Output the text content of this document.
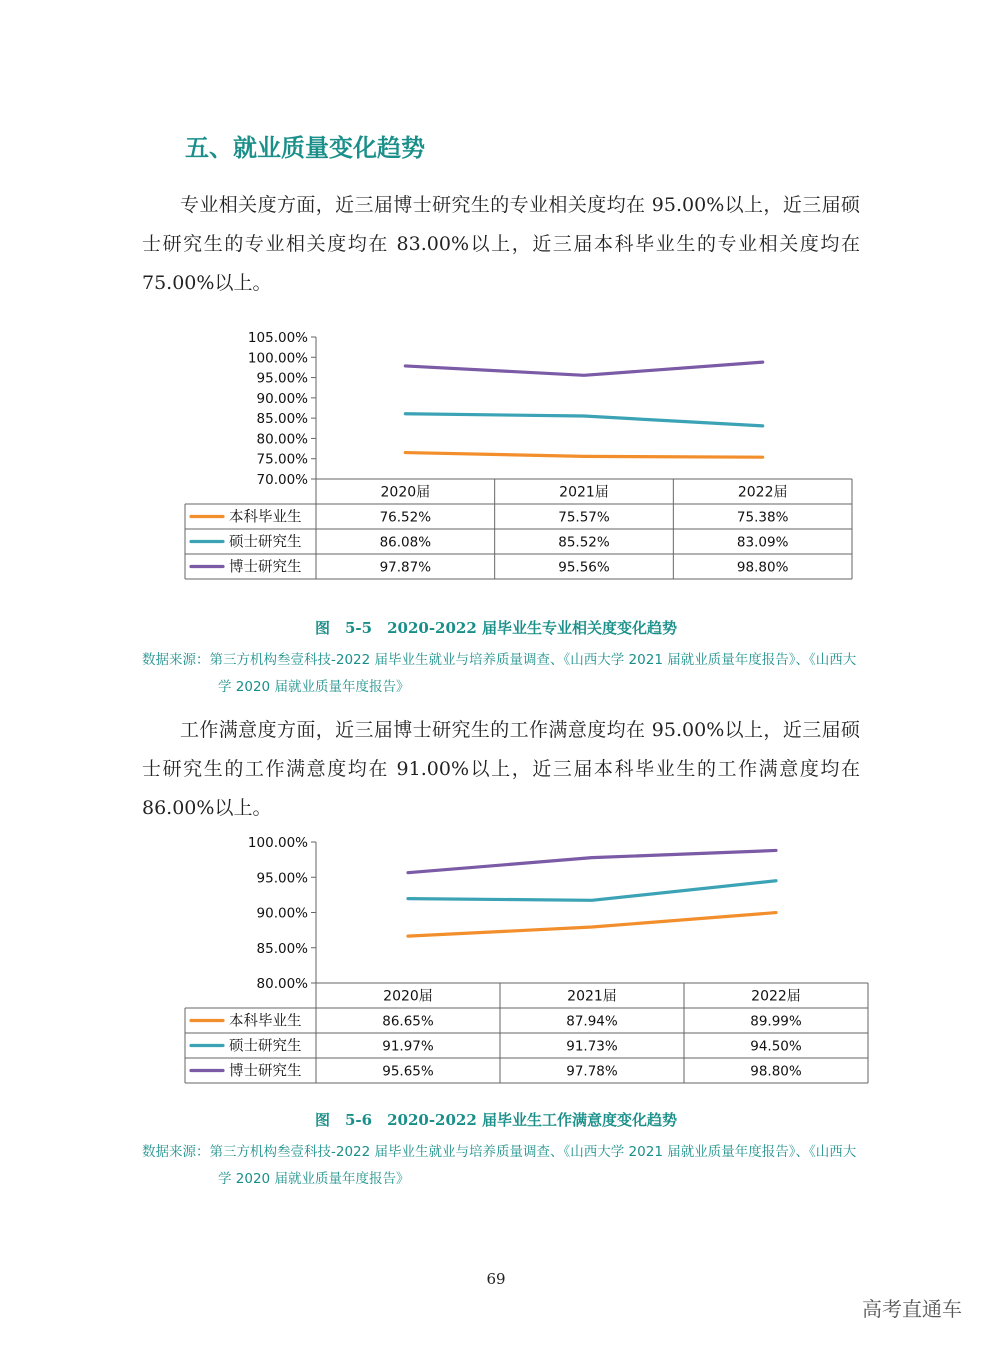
五、就业质量变化趋势

专业相关度方面，近三届博士研究生的专业相关度均在 95.00%以上，近三届硕士研究生的专业相关度均在 83.00%以上，近三届本科毕业生的专业相关度均在 75.00%以上。

70.00%
75.00%
80.00%
85.00%
90.00%
95.00%
100.00%
105.00%
2020届	2021届	2022届
本科毕业生	76.52%	75.57%	75.38%
硕士研究生	86.08%	85.52%	83.09%
博士研究生	97.87%	95.56%	98.80%

图　5-5　2020-2022 届毕业生专业相关度变化趋势

数据来源：第三方机构叁壹科技-2022 届毕业生就业与培养质量调查、《山西大学 2021 届就业质量年度报告》、《山西大学 2020 届就业质量年度报告》

工作满意度方面，近三届博士研究生的工作满意度均在 95.00%以上，近三届硕士研究生的工作满意度均在 91.00%以上，近三届本科毕业生的工作满意度均在 86.00%以上。

80.00%
85.00%
90.00%
95.00%
100.00%
2020届	2021届	2022届
本科毕业生	86.65%	87.94%	89.99%
硕士研究生	91.97%	91.73%	94.50%
博士研究生	95.65%	97.78%	98.80%

图　5-6　2020-2022 届毕业生工作满意度变化趋势

数据来源：第三方机构叁壹科技-2022 届毕业生就业与培养质量调查、《山西大学 2021 届就业质量年度报告》、《山西大学 2020 届就业质量年度报告》

69

高考直通车
